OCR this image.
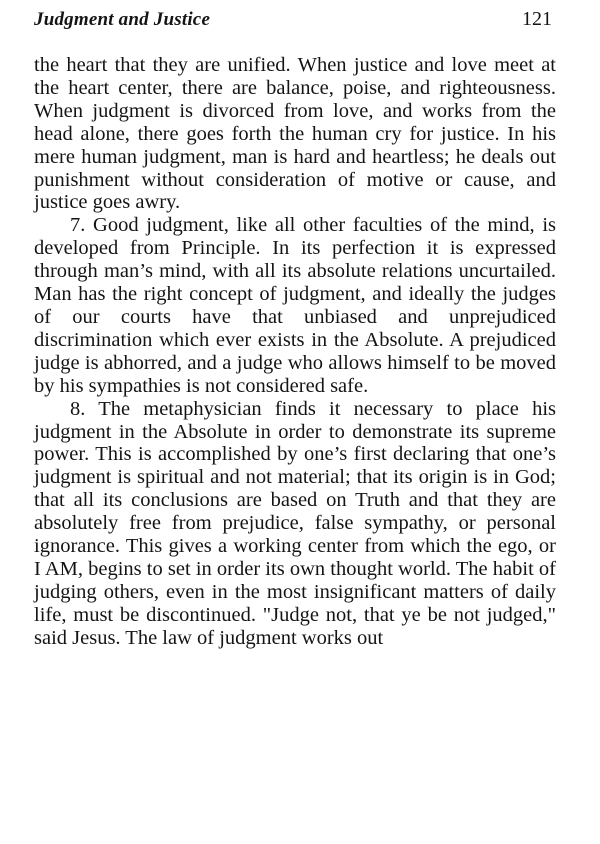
Judgment and Justice	121

the heart that they are unified. When justice and love meet at the heart center, there are balance, poise, and righteousness. When judgment is divorced from love, and works from the head alone, there goes forth the human cry for justice. In his mere human judgment, man is hard and heartless; he deals out punishment without consideration of motive or cause, and justice goes awry.

7. Good judgment, like all other faculties of the mind, is developed from Principle. In its perfection it is expressed through man’s mind, with all its absolute relations uncurtailed. Man has the right concept of judgment, and ideally the judges of our courts have that unbiased and unprejudiced discrimination which ever exists in the Absolute. A prejudiced judge is abhorred, and a judge who allows himself to be moved by his sympathies is not considered safe.

8. The metaphysician finds it necessary to place his judgment in the Absolute in order to demonstrate its supreme power. This is accomplished by one’s first declaring that one’s judgment is spiritual and not material; that its origin is in God; that all its conclusions are based on Truth and that they are absolutely free from prejudice, false sympathy, or personal ignorance. This gives a working center from which the ego, or I AM, begins to set in order its own thought world. The habit of judging others, even in the most insignificant matters of daily life, must be discontinued. "Judge not, that ye be not judged," said Jesus. The law of judgment works out
